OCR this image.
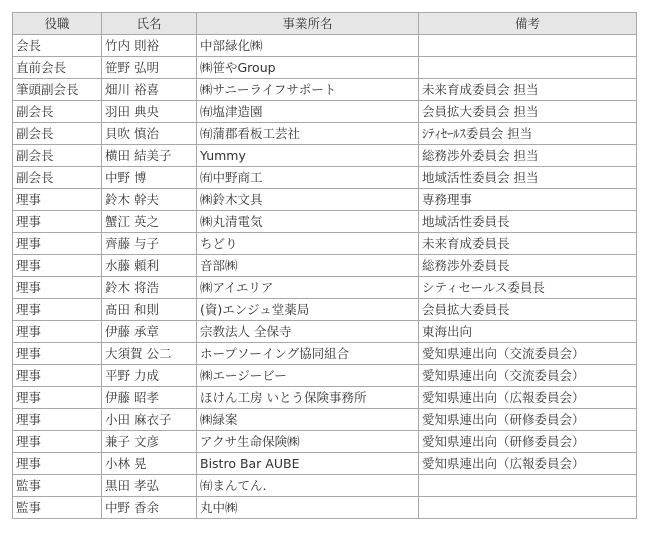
役職	氏名	事業所名	備考
会長	竹内 則裕	中部緑化㈱	
直前会長	笹野 弘明	㈱笹やGroup	
筆頭副会長	畑川 裕喜	㈱サニーライフサポート	未来育成委員会 担当
副会長	羽田 典央	㈲塩津造園	会員拡大委員会 担当
副会長	貝吹 慎治	㈲蒲郡看板工芸社	ｼﾃｨｾｰﾙｽ委員会 担当
副会長	横田 結美子	Yummy	総務渉外委員会 担当
副会長	中野 博	㈲中野商工	地域活性委員会 担当
理事	鈴木 幹夫	㈱鈴木文具	専務理事
理事	蟹江 英之	㈱丸清電気	地域活性委員長
理事	齊藤 与子	ちどり	未来育成委員長
理事	水藤 頼利	音部㈱	総務渉外委員長
理事	鈴木 将浩	㈱アイエリア	シティセールス委員長
理事	髙田 和則	(資)エンジュ堂薬局	会員拡大委員長
理事	伊藤 承章	宗教法人 全保寺	東海出向
理事	大須賀 公二	ホープソーイング協同組合	愛知県連出向（交流委員会）
理事	平野 力成	㈱エージービー	愛知県連出向（交流委員会）
理事	伊藤 昭孝	ほけん工房 いとう保険事務所	愛知県連出向（広報委員会）
理事	小田 麻衣子	㈱緑案	愛知県連出向（研修委員会）
理事	兼子 文彦	アクサ生命保険㈱	愛知県連出向（研修委員会）
理事	小林 晃	Bistro Bar AUBE	愛知県連出向（広報委員会）
監事	黒田 孝弘	㈲まんてん.	
監事	中野 香余	丸中㈱	
